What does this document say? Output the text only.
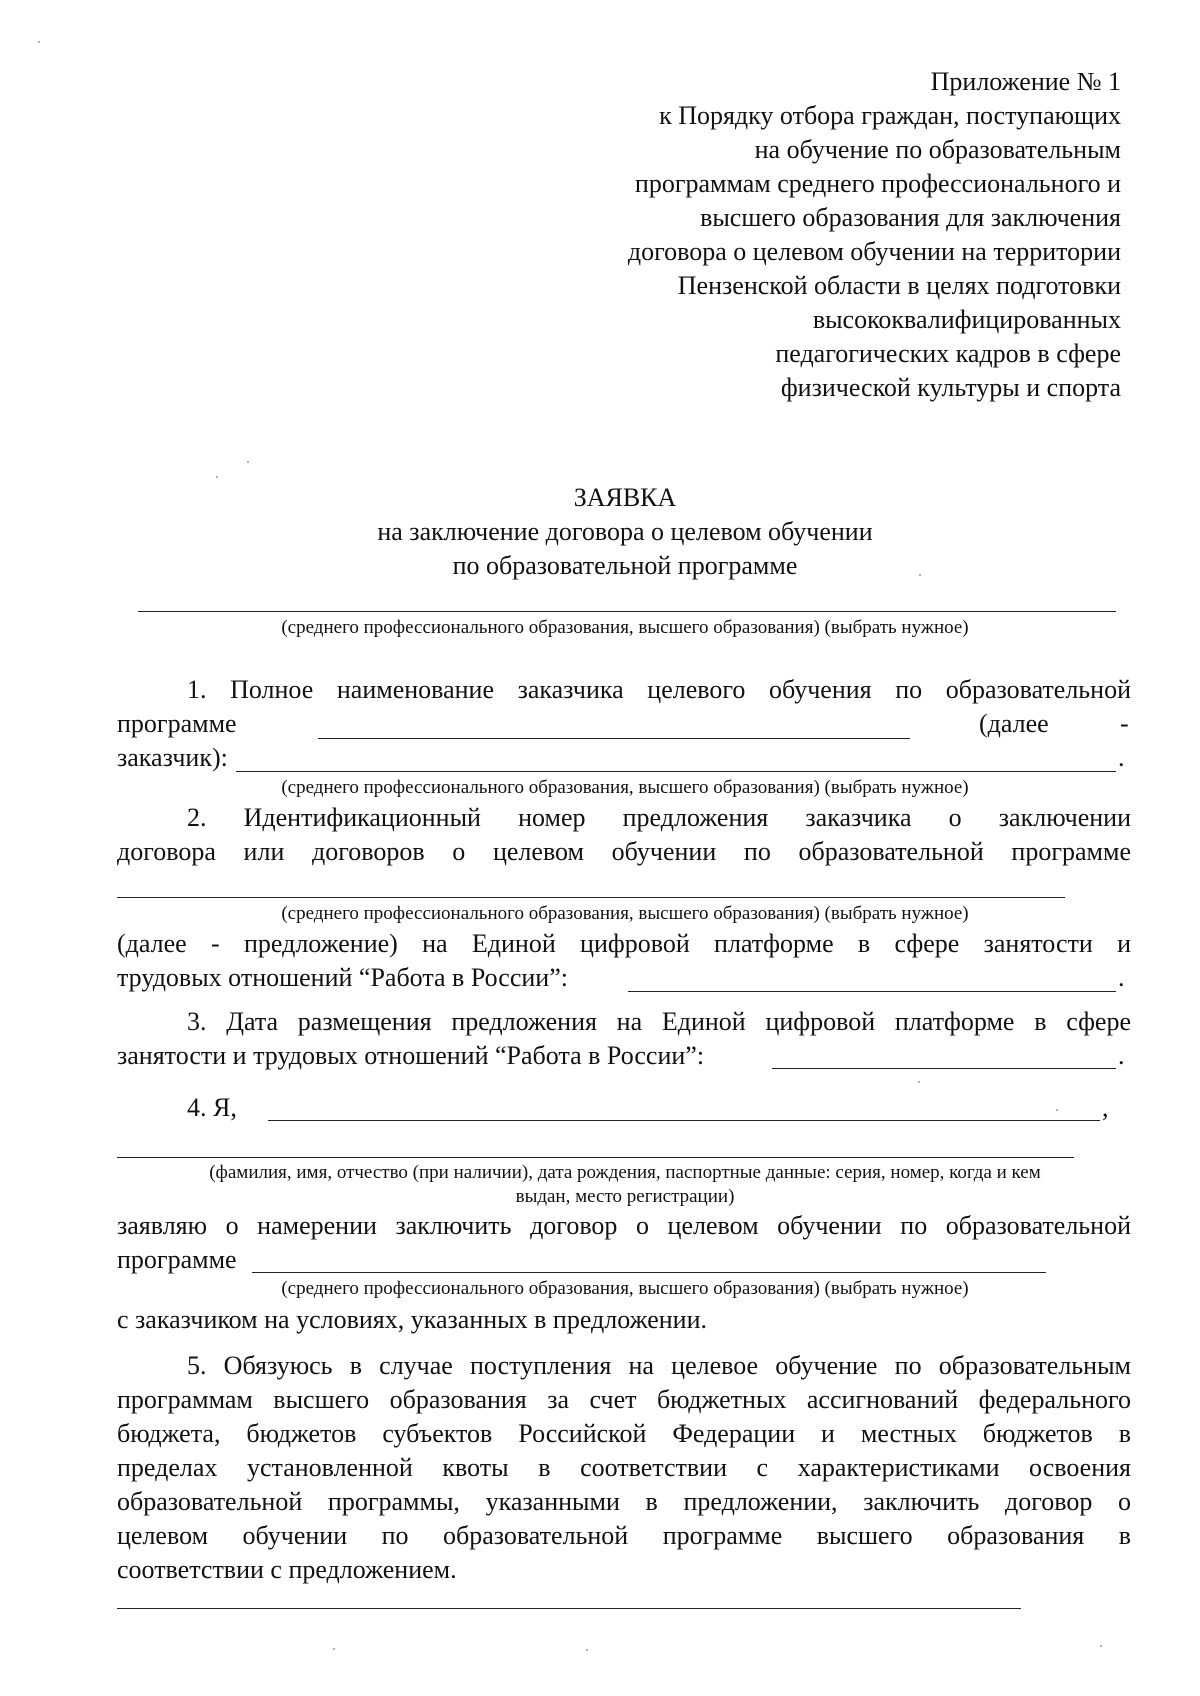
Приложение № 1
к Порядку отбора граждан, поступающих
на обучение по образовательным
программам среднего профессионального и
высшего образования для заключения
договора о целевом обучении на территории
Пензенской области в целях подготовки
высококвалифицированных
педагогических кадров в сфере
физической культуры и спорта
ЗАЯВКА
на заключение договора о целевом обучении
по образовательной программе
(среднего профессионального образования, высшего образования) (выбрать нужное)
1. Полное наименование заказчика целевого обучения по образовательной
программе	(далее	-
заказчик):	.
(среднего профессионального образования, высшего образования) (выбрать нужное)
2. Идентификационный номер предложения заказчика о заключении
договора или договоров о целевом обучении по образовательной программе
(среднего профессионального образования, высшего образования) (выбрать нужное)
(далее - предложение) на Единой цифровой платформе в сфере занятости и
трудовых отношений “Работа в России”:	.
3. Дата размещения предложения на Единой цифровой платформе в сфере
занятости и трудовых отношений “Работа в России”:	.
4. Я,	,
(фамилия, имя, отчество (при наличии), дата рождения, паспортные данные: серия, номер, когда и кем
выдан, место регистрации)
заявляю о намерении заключить договор о целевом обучении по образовательной
программе
(среднего профессионального образования, высшего образования) (выбрать нужное)
с заказчиком на условиях, указанных в предложении.
5. Обязуюсь в случае поступления на целевое обучение по образовательным
программам высшего образования за счет бюджетных ассигнований федерального
бюджета, бюджетов субъектов Российской Федерации и местных бюджетов в
пределах установленной квоты в соответствии с характеристиками освоения
образовательной программы, указанными в предложении, заключить договор о
целевом обучении по образовательной программе высшего образования в
соответствии с предложением.
